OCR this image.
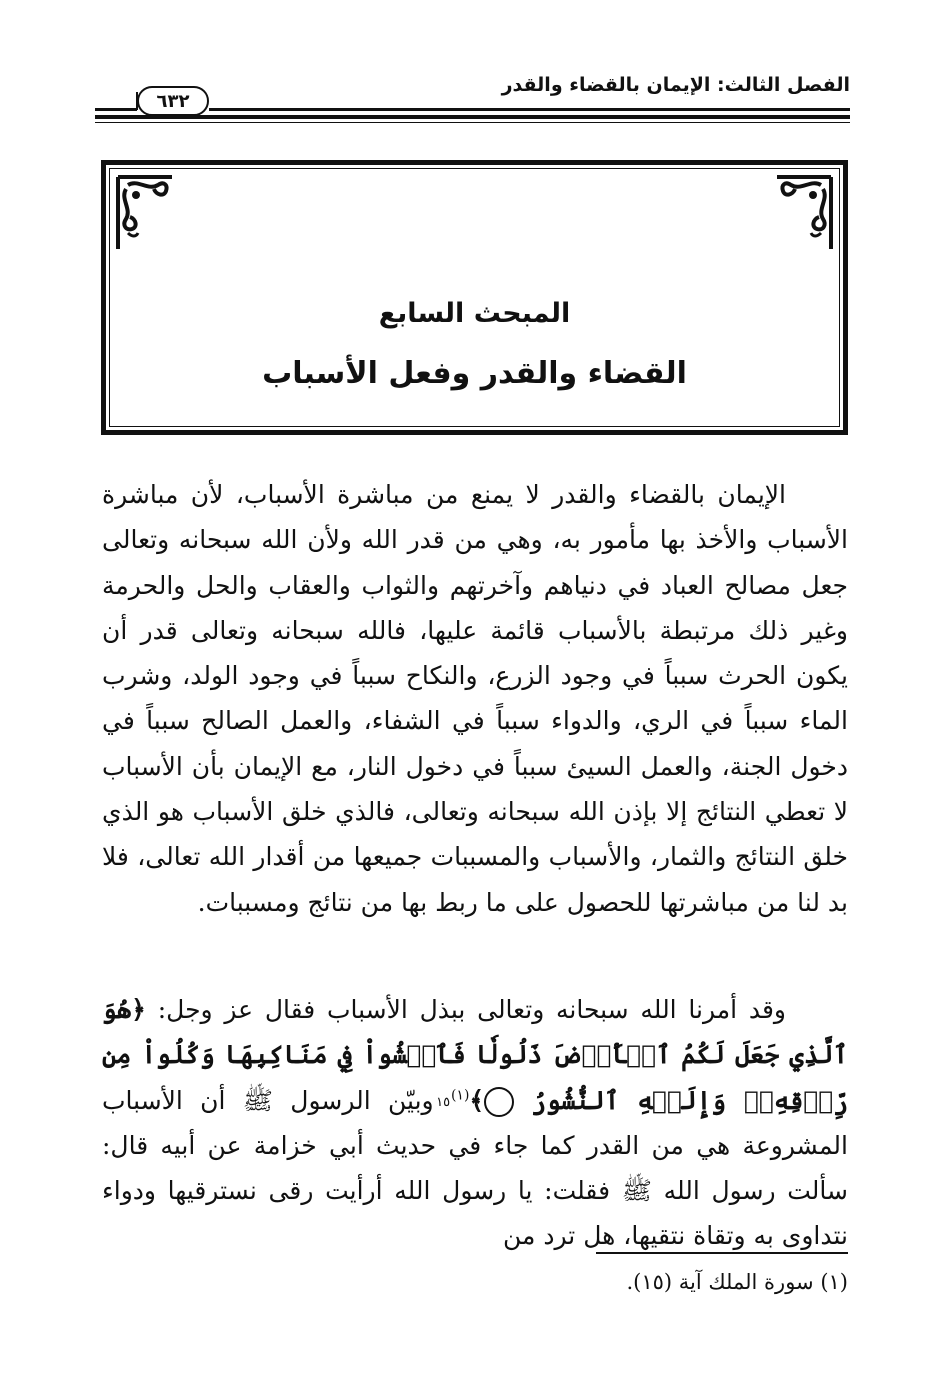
الفصل الثالث: الإيمان بالقضاء والقدر
٦٣٢
المبحث السابع
القضاء والقدر وفعل الأسباب

الإيمان بالقضاء والقدر لا يمنع من مباشرة الأسباب، لأن مباشرة الأسباب والأخذ بها مأمور به، وهي من قدر الله ولأن الله سبحانه وتعالى جعل مصالح العباد في دنياهم وآخرتهم والثواب والعقاب والحل والحرمة وغير ذلك مرتبطة بالأسباب قائمة عليها، فالله سبحانه وتعالى قدر أن يكون الحرث سبباً في وجود الزرع، والنكاح سبباً في وجود الولد، وشرب الماء سبباً في الري، والدواء سبباً في الشفاء، والعمل الصالح سبباً في دخول الجنة، والعمل السيئ سبباً في دخول النار، مع الإيمان بأن الأسباب لا تعطي النتائج إلا بإذن الله سبحانه وتعالى، فالذي خلق الأسباب هو الذي خلق النتائج والثمار، والأسباب والمسببات جميعها من أقدار الله تعالى، فلا بد لنا من مباشرتها للحصول على ما ربط بها من نتائج ومسببات.

وقد أمرنا الله سبحانه وتعالى ببذل الأسباب فقال عز وجل: ﴿هُوَ ٱلَّذِي جَعَلَ لَكُمُ ٱلۡأَرۡضَ ذَلُولٗا فَٱمۡشُواْ فِي مَنَاكِبِهَا وَكُلُواْ مِن رِّزۡقِهِۦۖ وَإِلَيۡهِ ٱلنُّشُورُ ١٥ ﴾$^{(١)}$ وبيّن الرسول ﷺ أن الأسباب المشروعة هي من القدر كما جاء في حديث أبي خزامة عن أبيه قال: سألت رسول الله ﷺ فقلت: يا رسول الله أرأيت رقى نسترقيها ودواء نتداوى به وتقاة نتقيها، هل ترد من

(١) سورة الملك آية (١٥).
